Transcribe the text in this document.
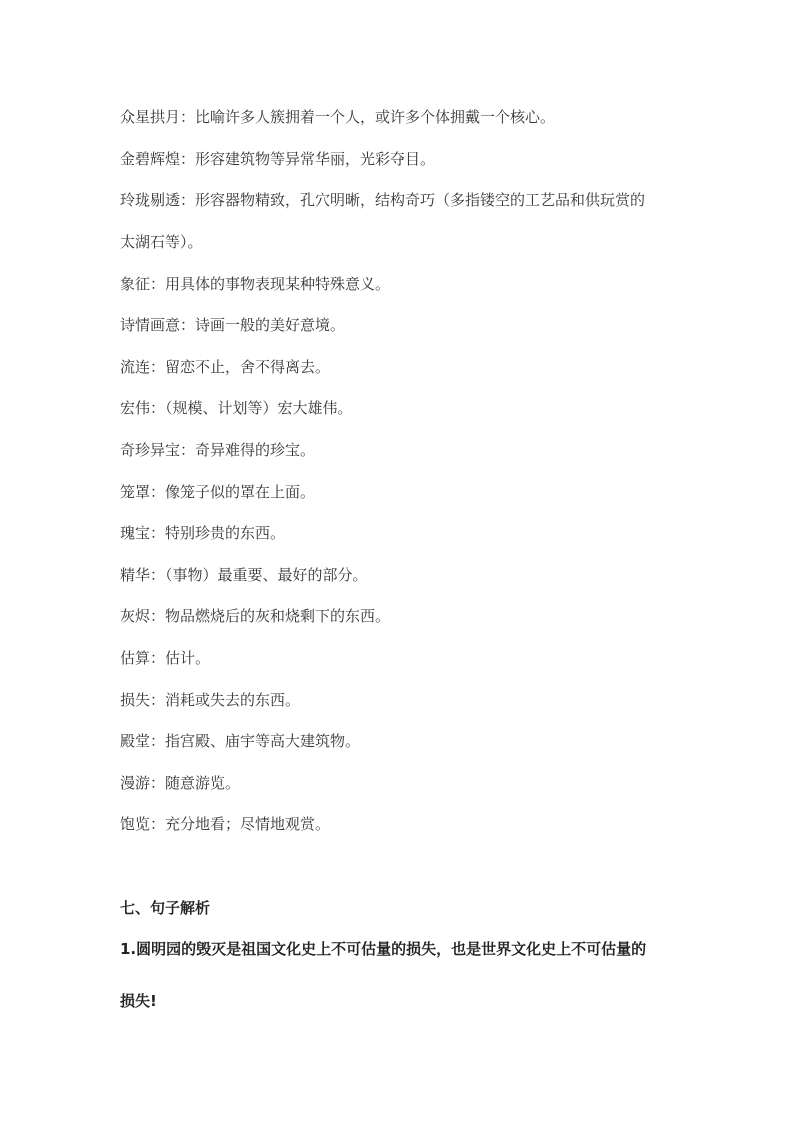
众星拱月：比喻许多人簇拥着一个人，或许多个体拥戴一个核心。
金碧辉煌：形容建筑物等异常华丽，光彩夺目。
玲珑剔透：形容器物精致，孔穴明晰，结构奇巧（多指镂空的工艺品和供玩赏的
太湖石等）。
象征：用具体的事物表现某种特殊意义。
诗情画意：诗画一般的美好意境。
流连：留恋不止，舍不得离去。
宏伟：（规模、计划等）宏大雄伟。
奇珍异宝：奇异难得的珍宝。
笼罩：像笼子似的罩在上面。
瑰宝：特别珍贵的东西。
精华：（事物）最重要、最好的部分。
灰烬：物品燃烧后的灰和烧剩下的东西。
估算：估计。
损失：消耗或失去的东西。
殿堂：指宫殿、庙宇等高大建筑物。
漫游：随意游览。
饱览：充分地看；尽情地观赏。
七、句子解析
1.圆明园的毁灭是祖国文化史上不可估量的损失，也是世界文化史上不可估量的
损失!
